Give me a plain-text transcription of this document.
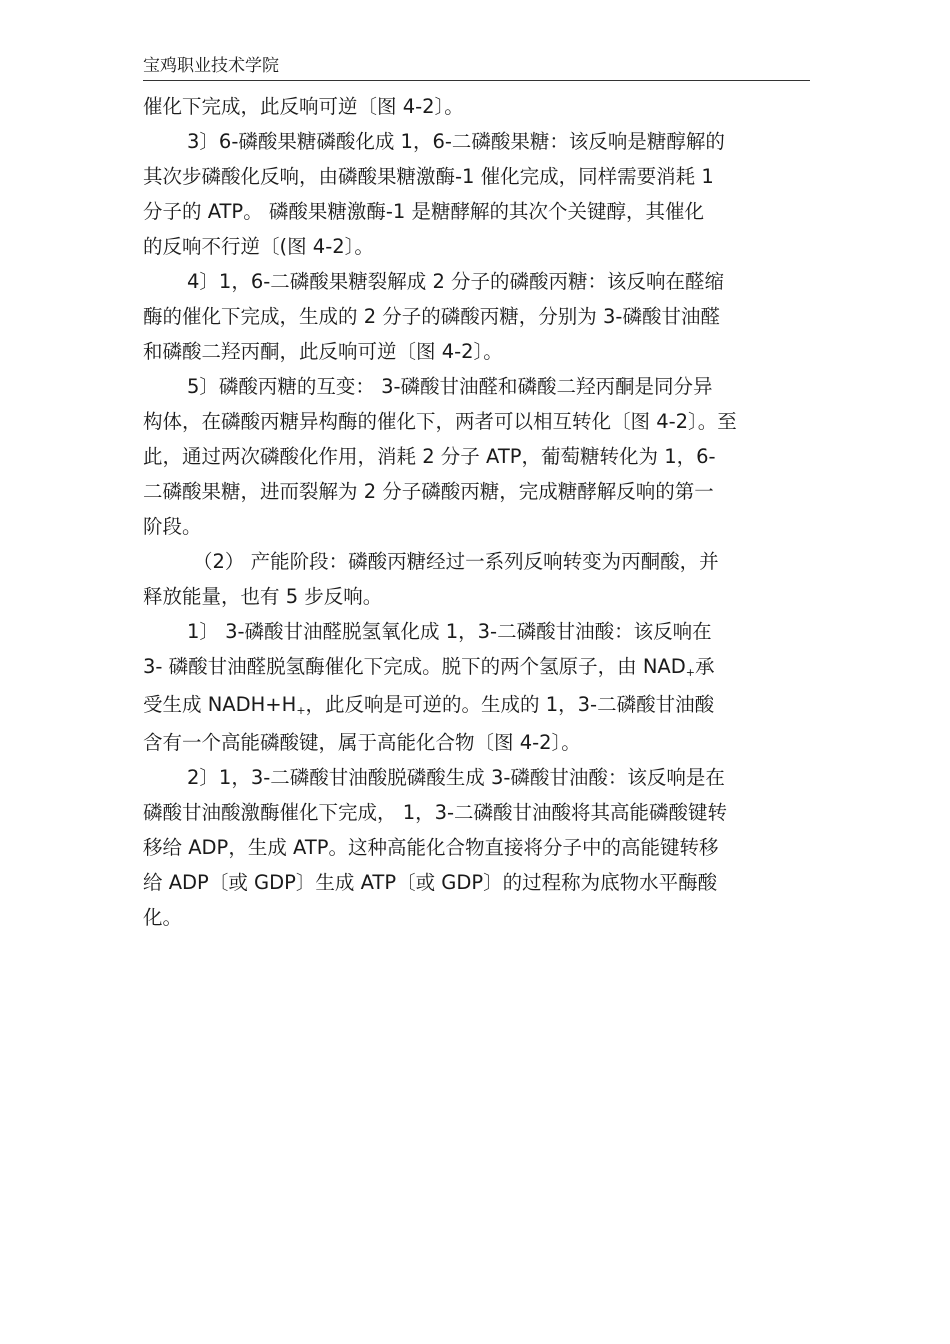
宝鸡职业技术学院

催化下完成，此反响可逆〔图 4-2〕。

3〕6-磷酸果糖磷酸化成 1，6-二磷酸果糖：该反响是糖醇解的
其次步磷酸化反响，由磷酸果糖激酶-1 催化完成，同样需要消耗 1
分子的 ATP。 磷酸果糖激酶-1 是糖酵解的其次个关键醇，其催化
的反响不行逆〔(图 4-2〕。

4〕1，6-二磷酸果糖裂解成 2 分子的磷酸丙糖：该反响在醛缩
酶的催化下完成，生成的 2 分子的磷酸丙糖，分别为 3-磷酸甘油醛
和磷酸二羟丙酮，此反响可逆〔图 4-2〕。

5〕磷酸丙糖的互变： 3-磷酸甘油醛和磷酸二羟丙酮是同分异
构体，在磷酸丙糖异构酶的催化下，两者可以相互转化〔图 4-2〕。至
此，通过两次磷酸化作用，消耗 2 分子 ATP，葡萄糖转化为 1，6-
二磷酸果糖，进而裂解为 2 分子磷酸丙糖，完成糖酵解反响的第一
阶段。

（2） 产能阶段：磷酸丙糖经过一系列反响转变为丙酮酸，并
释放能量，也有 5 步反响。

1〕 3-磷酸甘油醛脱氢氧化成 1，3-二磷酸甘油酸：该反响在
3- 磷酸甘油醛脱氢酶催化下完成。脱下的两个氢原子，由 $NAD_+$承
受生成 $NADH+H_+$，此反响是可逆的。生成的 1，3-二磷酸甘油酸
含有一个高能磷酸键，属于高能化合物〔图 4-2〕。

2〕1，3-二磷酸甘油酸脱磷酸生成 3-磷酸甘油酸：该反响是在
磷酸甘油酸激酶催化下完成， 1，3-二磷酸甘油酸将其高能磷酸键转
移给 ADP，生成 ATP。这种高能化合物直接将分子中的高能键转移
给 ADP〔或 GDP〕生成 ATP〔或 GDP〕的过程称为底物水平酶酸
化。
